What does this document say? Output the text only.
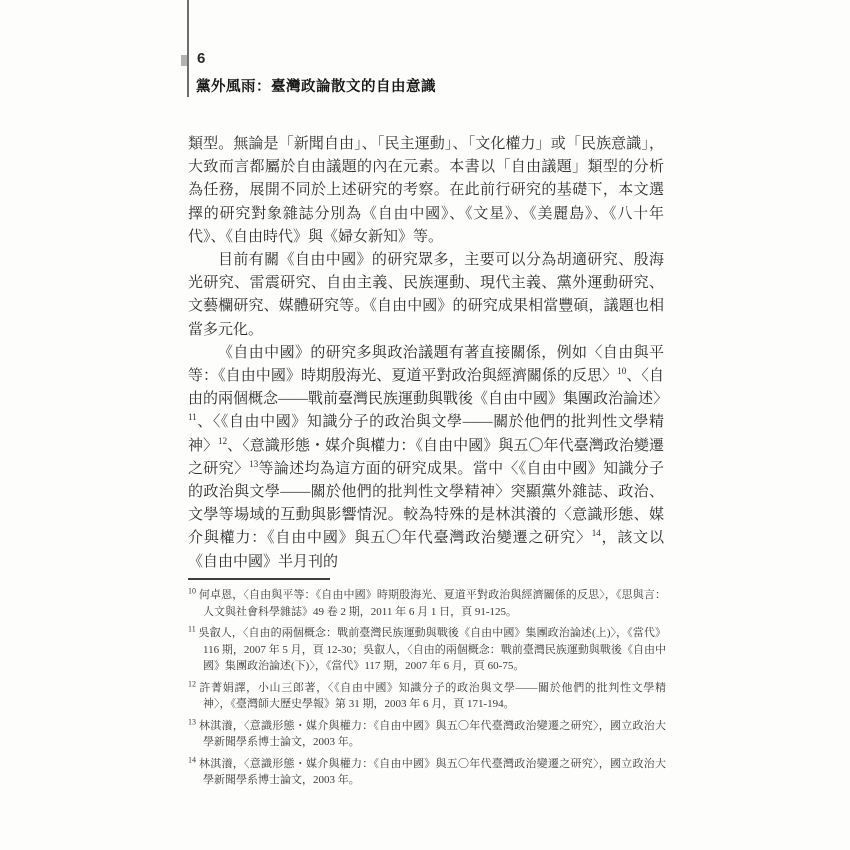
6
黨外風雨：臺灣政論散文的自由意識

類型。無論是「新聞自由」、「民主運動」、「文化權力」或「民族意識」，大致而言都屬於自由議題的內在元素。本書以「自由議題」類型的分析為任務，展開不同於上述研究的考察。在此前行研究的基礎下，本文選擇的研究對象雜誌分別為《自由中國》、《文星》、《美麗島》、《八十年代》、《自由時代》與《婦女新知》等。

目前有關《自由中國》的研究眾多，主要可以分為胡適研究、殷海光研究、雷震研究、自由主義、民族運動、現代主義、黨外運動研究、文藝欄研究、媒體研究等。《自由中國》的研究成果相當豐碩，議題也相當多元化。

《自由中國》的研究多與政治議題有著直接關係，例如〈自由與平等：《自由中國》時期殷海光、夏道平對政治與經濟關係的反思〉$^{10}$、〈自由的兩個概念——戰前臺灣民族運動與戰後《自由中國》集團政治論述〉$^{11}$、〈《自由中國》知識分子的政治與文學——關於他們的批判性文學精神〉$^{12}$、〈意識形態・媒介與權力：《自由中國》與五〇年代臺灣政治變遷之研究〉$^{13}$等論述均為這方面的研究成果。當中〈《自由中國》知識分子的政治與文學——關於他們的批判性文學精神〉突顯黨外雜誌、政治、文學等場域的互動與影響情況。較為特殊的是林淇瀁的〈意識形態、媒介與權力：《自由中國》與五〇年代臺灣政治變遷之研究〉$^{14}$，該文以《自由中國》半月刊的

$^{10}$ 何卓恩，〈自由與平等：《自由中國》時期殷海光、夏道平對政治與經濟關係的反思〉，《思與言：人文與社會科學雜誌》49 卷 2 期，2011 年 6 月 1 日，頁 91-125。
$^{11}$ 吳叡人，〈自由的兩個概念：戰前臺灣民族運動與戰後《自由中國》集團政治論述(上)〉，《當代》116 期，2007 年 5 月，頁 12-30；吳叡人，〈自由的兩個概念：戰前臺灣民族運動與戰後《自由中國》集團政治論述(下)〉，《當代》117 期，2007 年 6 月，頁 60-75。
$^{12}$ 許菁娟譯，小山三郎著，〈《自由中國》知識分子的政治與文學——關於他們的批判性文學精神〉，《臺灣師大歷史學報》第 31 期，2003 年 6 月，頁 171-194。
$^{13}$ 林淇瀁，〈意識形態・媒介與權力：《自由中國》與五〇年代臺灣政治變遷之研究〉，國立政治大學新聞學系博士論文，2003 年。
$^{14}$ 林淇瀁，〈意識形態・媒介與權力：《自由中國》與五〇年代臺灣政治變遷之研究〉，國立政治大學新聞學系博士論文，2003 年。
